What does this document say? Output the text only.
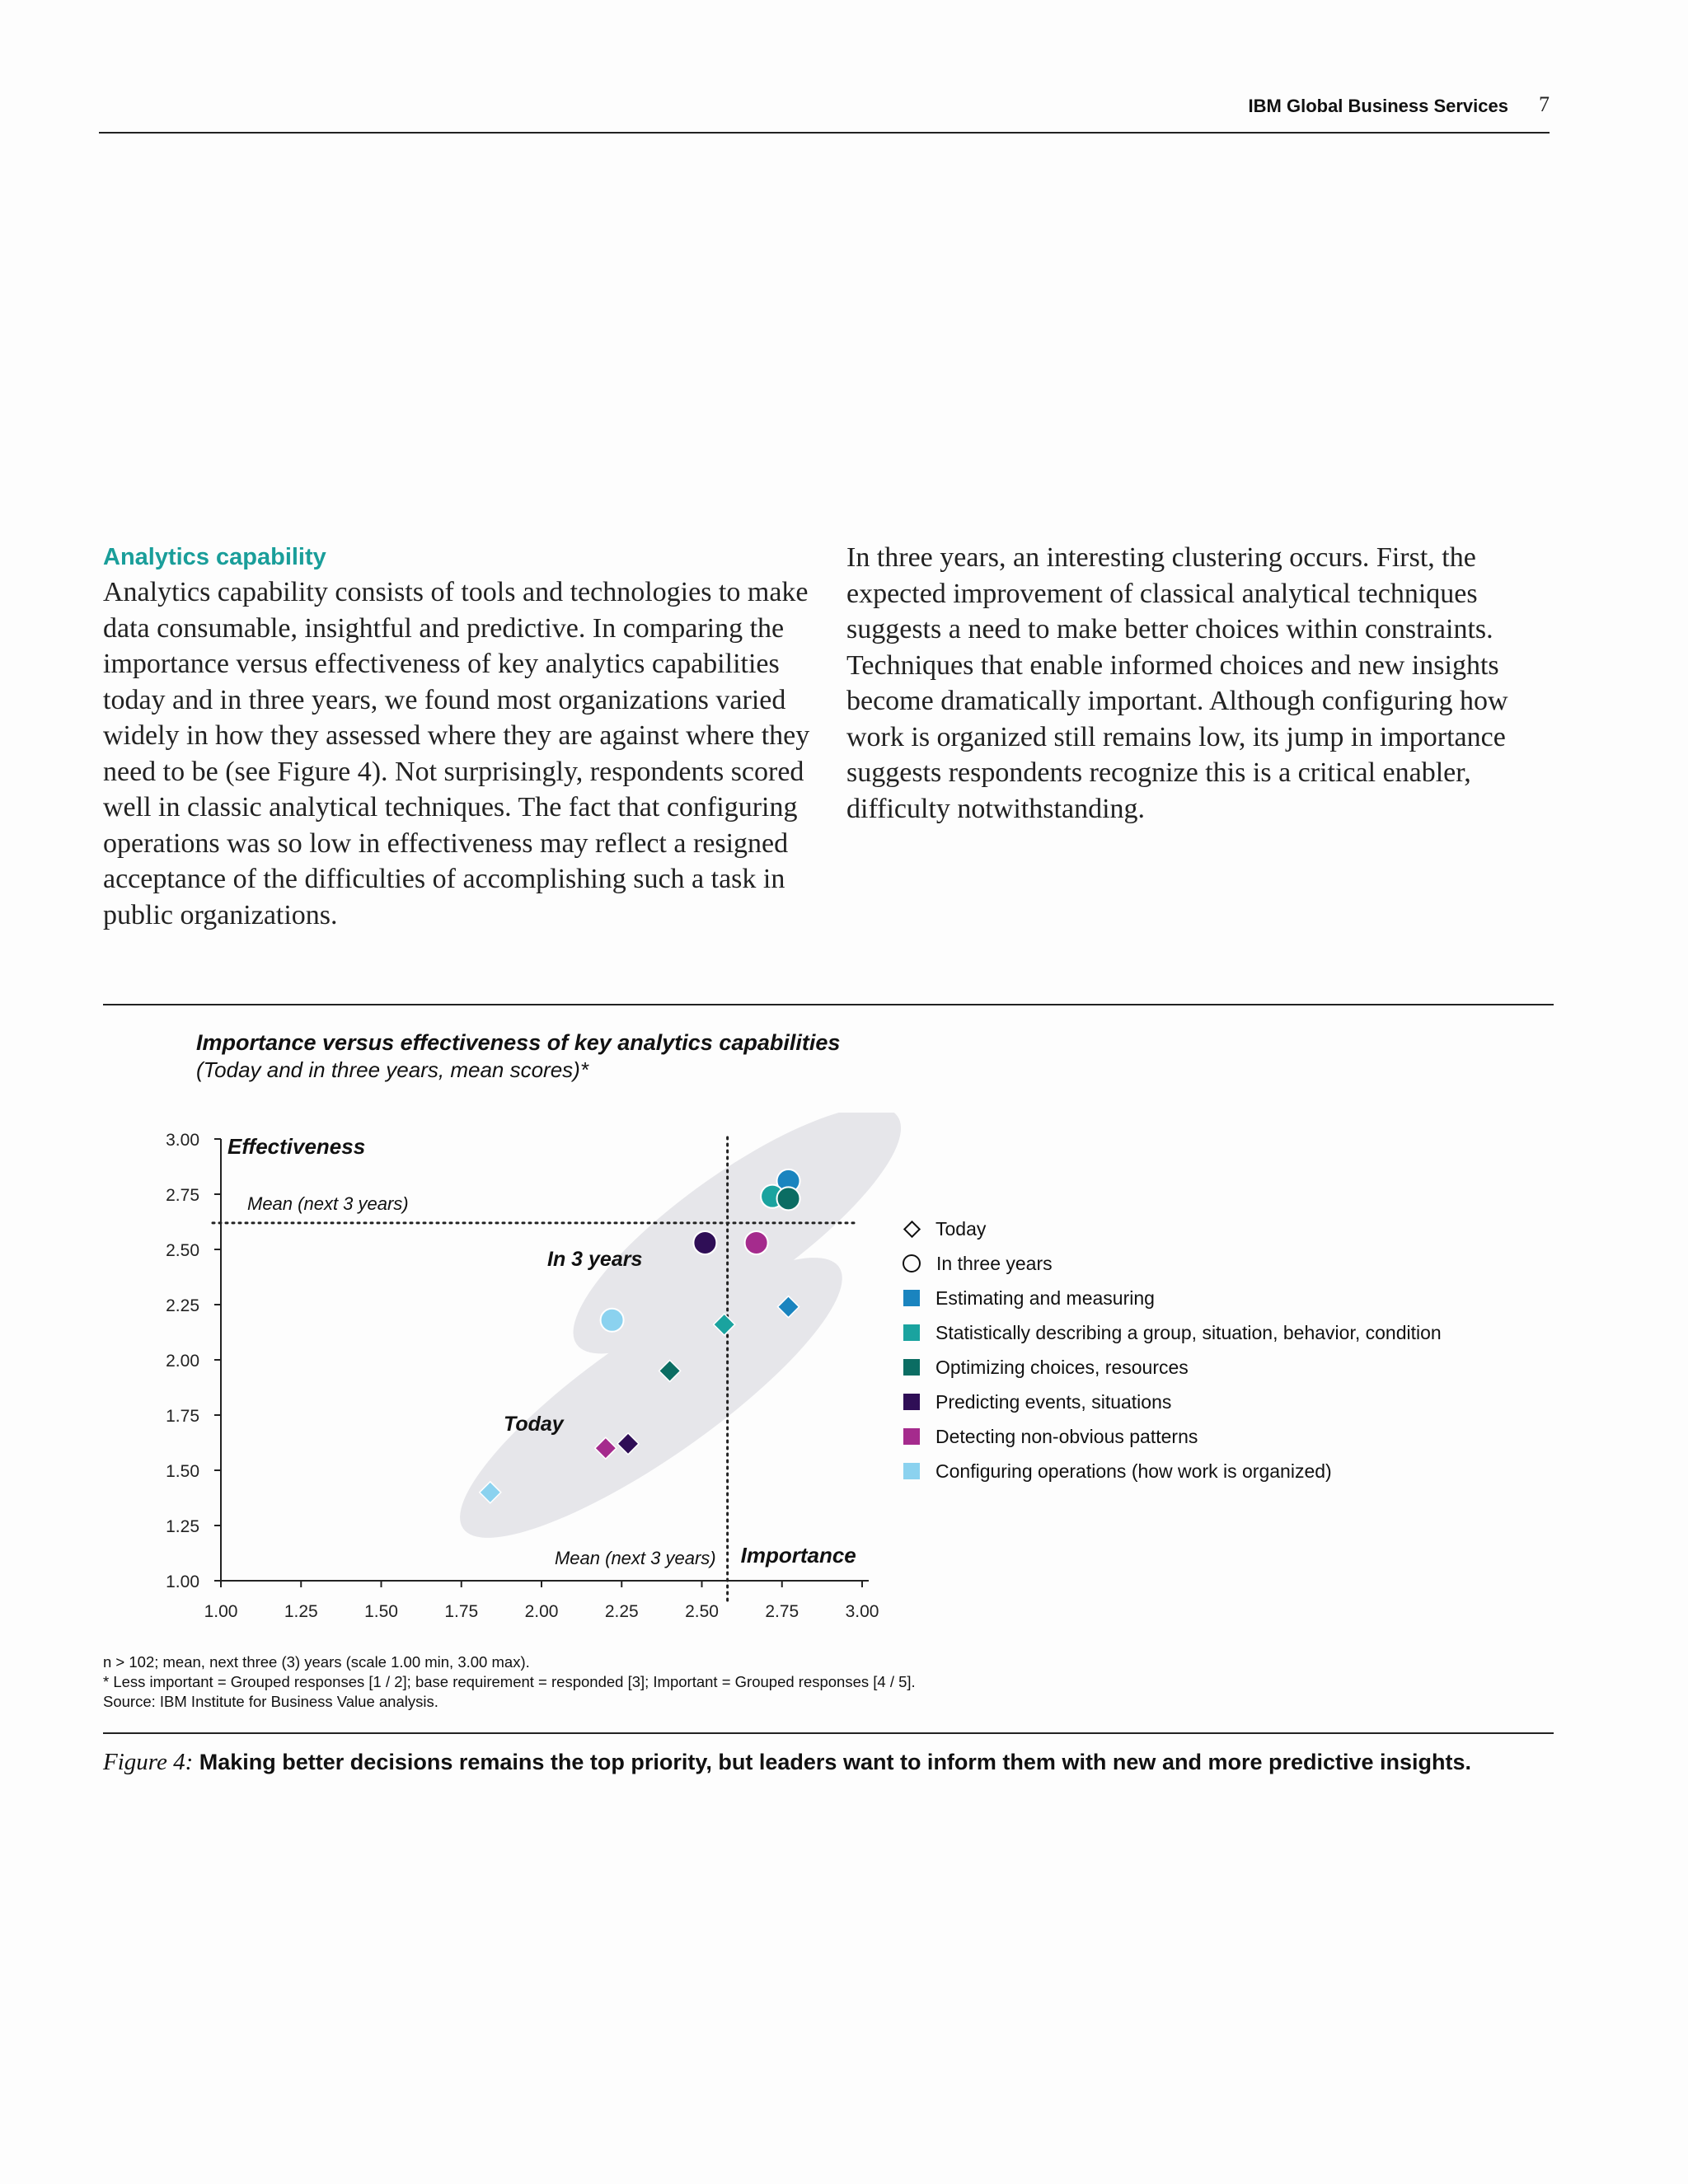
IBM Global Business Services 7
Analytics capability
Analytics capability consists of tools and technologies to make data consumable, insightful and predictive. In comparing the importance versus effectiveness of key analytics capabilities today and in three years, we found most organizations varied widely in how they assessed where they are against where they need to be (see Figure 4). Not surprisingly, respondents scored well in classic analytical techniques. The fact that configuring operations was so low in effectiveness may reflect a resigned acceptance of the difficulties of accomplishing such a task in public organizations.
In three years, an interesting clustering occurs. First, the expected improvement of classical analytical techniques suggests a need to make better choices within constraints. Techniques that enable informed choices and new insights become dramatically important. Although configuring how work is organized still remains low, its jump in importance suggests respondents recognize this is a critical enabler, difficulty notwithstanding.
Importance versus effectiveness of key analytics capabilities
(Today and in three years, mean scores)*
1.00
1.25
1.50
1.75
2.00
2.25
2.50
2.75
3.00
1.00	1.25	1.50	1.75	2.00	2.25	2.50	2.75	3.00
In 3 years
Today
Effectiveness
Importance
Mean (next 3 years)
Mean (next 3 years)
Today
In three years
Estimating and measuring
Statistically describing a group, situation, behavior, condition
Optimizing choices, resources
Predicting events, situations
Detecting non-obvious patterns
Configuring operations (how work is organized)
n > 102; mean, next three (3) years (scale 1.00 min, 3.00 max).
* Less important = Grouped responses [1 / 2]; base requirement = responded [3]; Important = Grouped responses [4 / 5].
Source: IBM Institute for Business Value analysis.
Figure 4: Making better decisions remains the top priority, but leaders want to inform them with new and more predictive insights.
